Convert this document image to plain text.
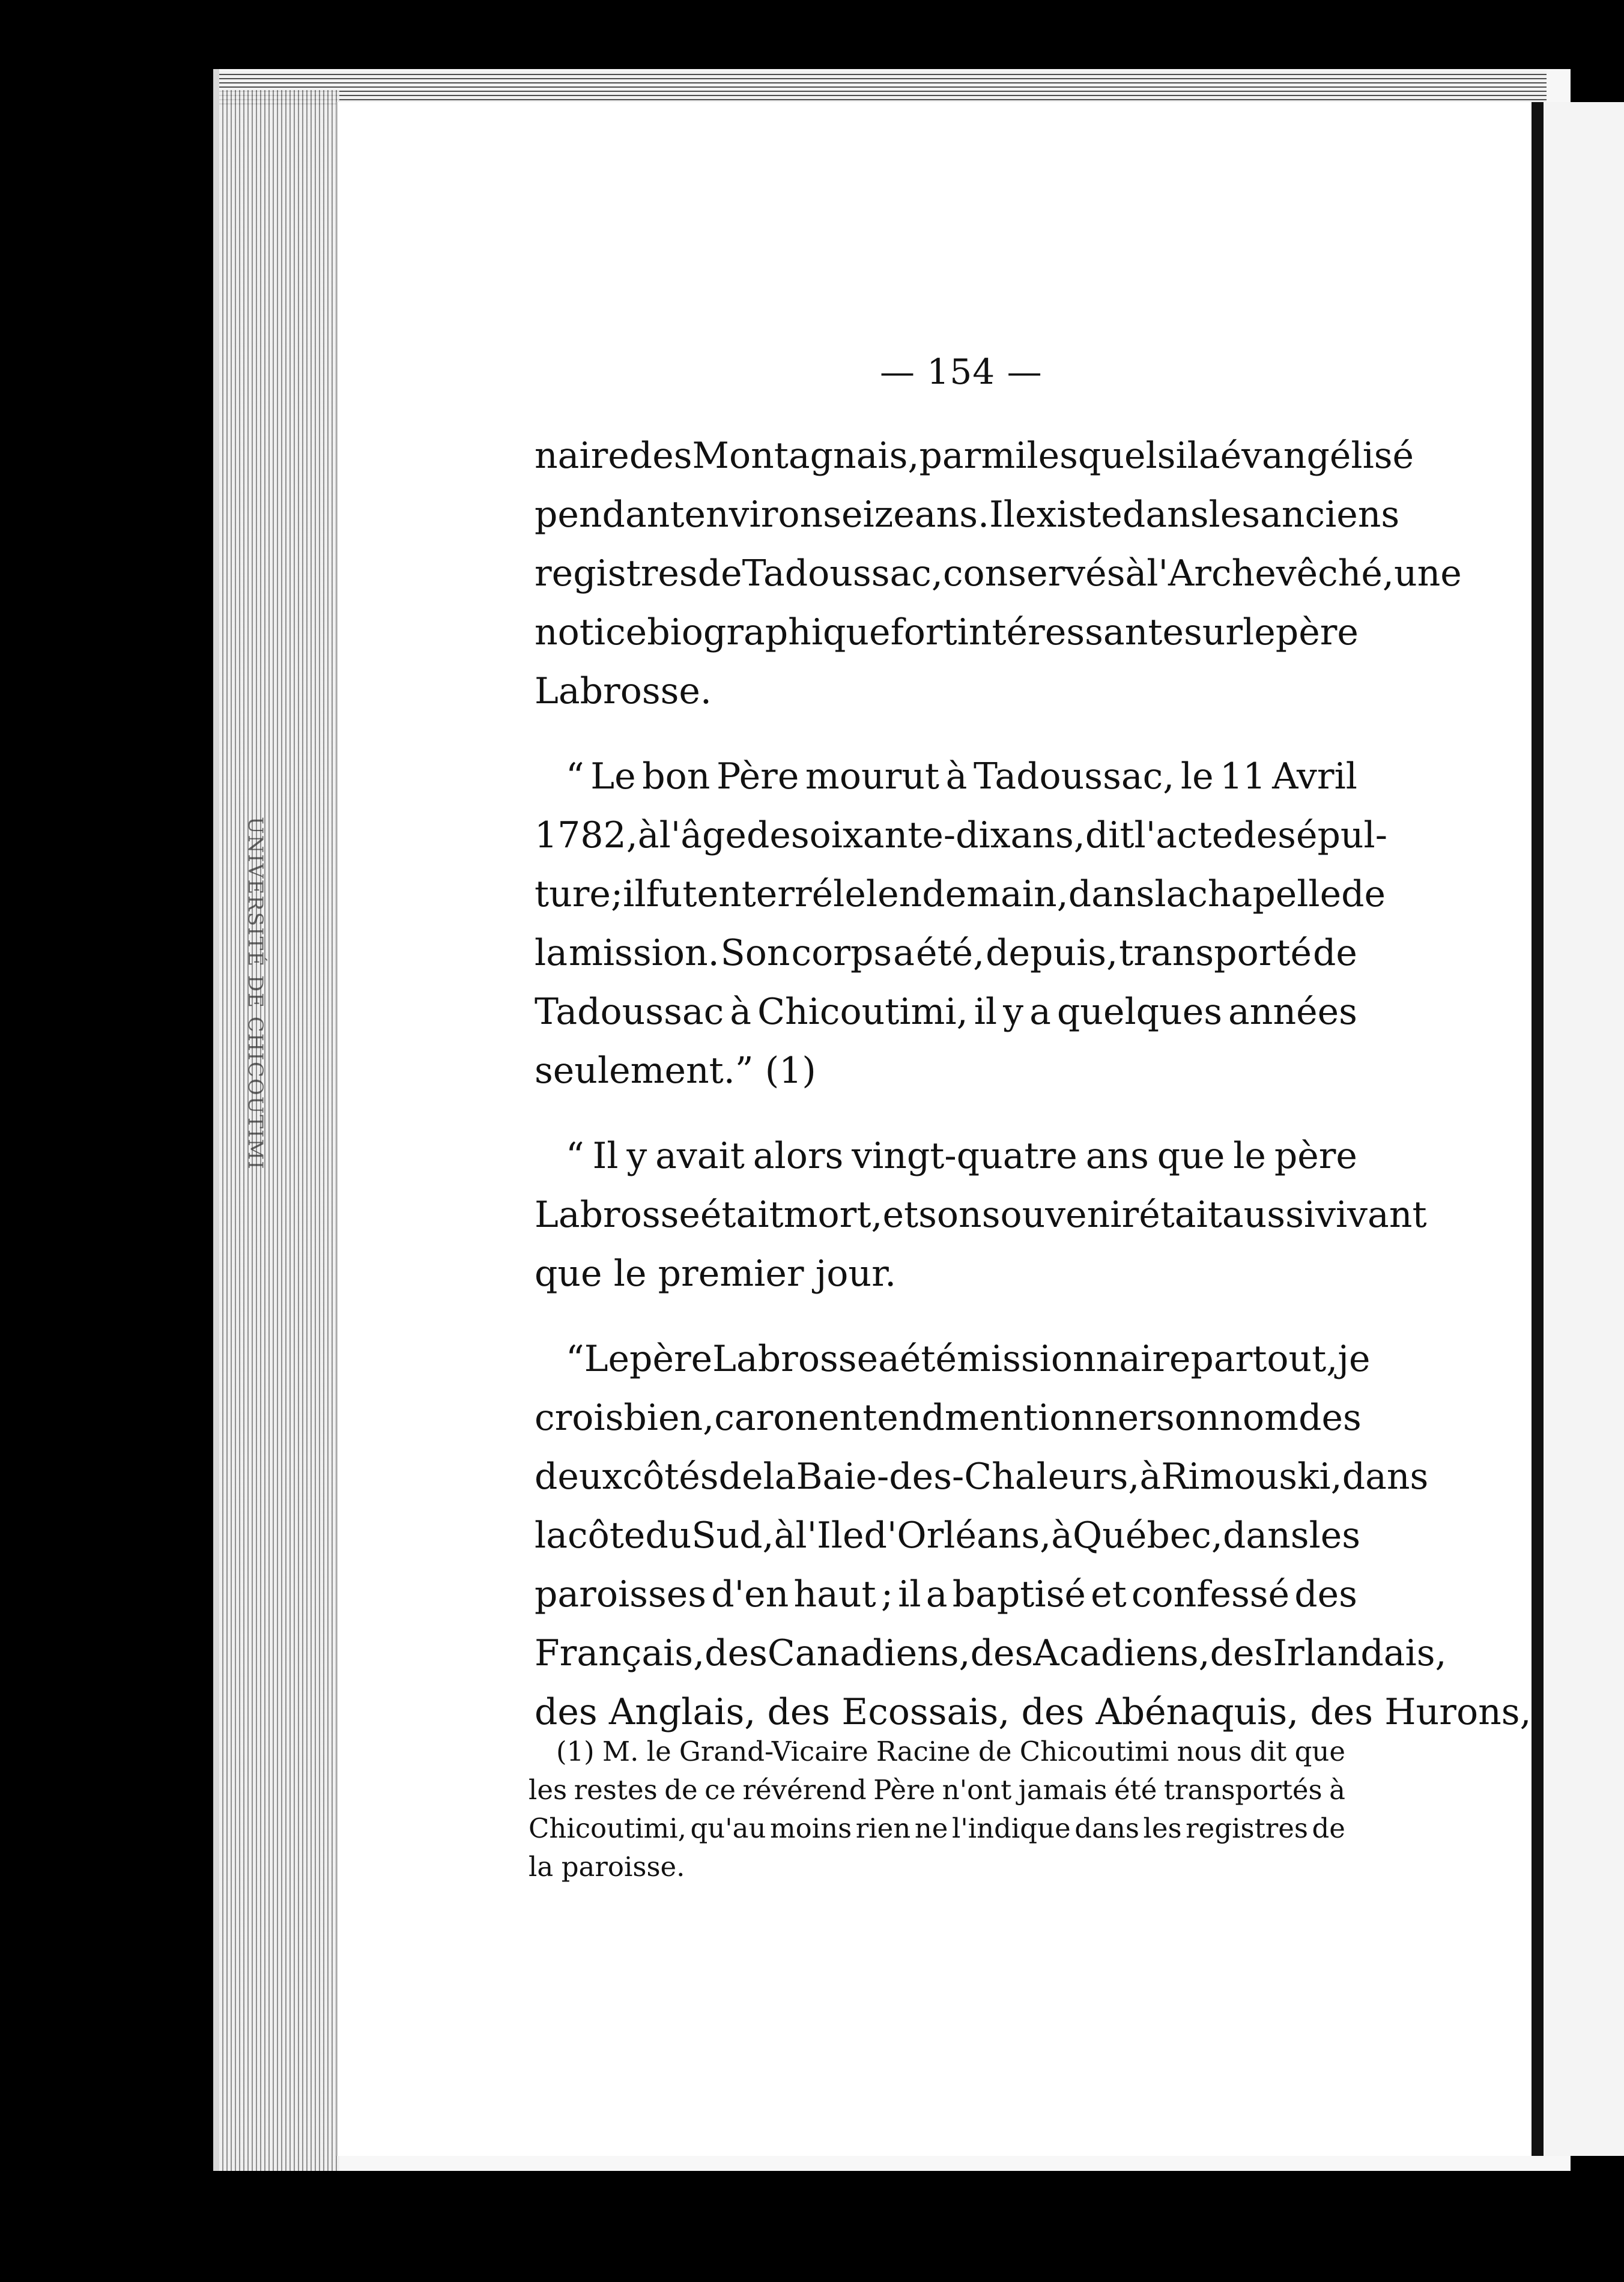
UNIVERSITÉ DE CHICOUTIMI
— 154 —
naire des Montagnais, parmi lesquels il a évangélisé
pendant environ seize ans. Il existe dans les anciens
registres de Tadoussac, conservés à l'Archevêché, une
notice biographique fort intéressante sur le père
Labrosse.
“ Le bon Père mourut à Tadoussac, le 11 Avril
1782, à l'âge de soixante-dix ans, dit l'acte de sépul-
ture ; il fut enterré le lendemain, dans la chapelle de
la mission. Son corps a été, depuis, transporté de
Tadoussac à Chicoutimi, il y a quelques années
seulement.” (1)
“ Il y avait alors vingt-quatre ans que le père
Labrosse était mort, et son souvenir était aussi vivant
que le premier jour.
“ Le père Labrosse a été missionnaire partout, je
crois bien, car on entend mentionner son nom des
deux côtés de la Baie-des-Chaleurs, à Rimouski, dans
la côte du Sud, à l'Ile d'Orléans, à Québec, dans les
paroisses d'en haut ; il a baptisé et confessé des
Français, des Canadiens, des Acadiens, des Irlandais,
des Anglais, des Ecossais, des Abénaquis, des Hurons,
(1) M. le Grand-Vicaire Racine de Chicoutimi nous dit que
les restes de ce révérend Père n'ont jamais été transportés à
Chicoutimi, qu'au moins rien ne l'indique dans les registres de
la paroisse.
